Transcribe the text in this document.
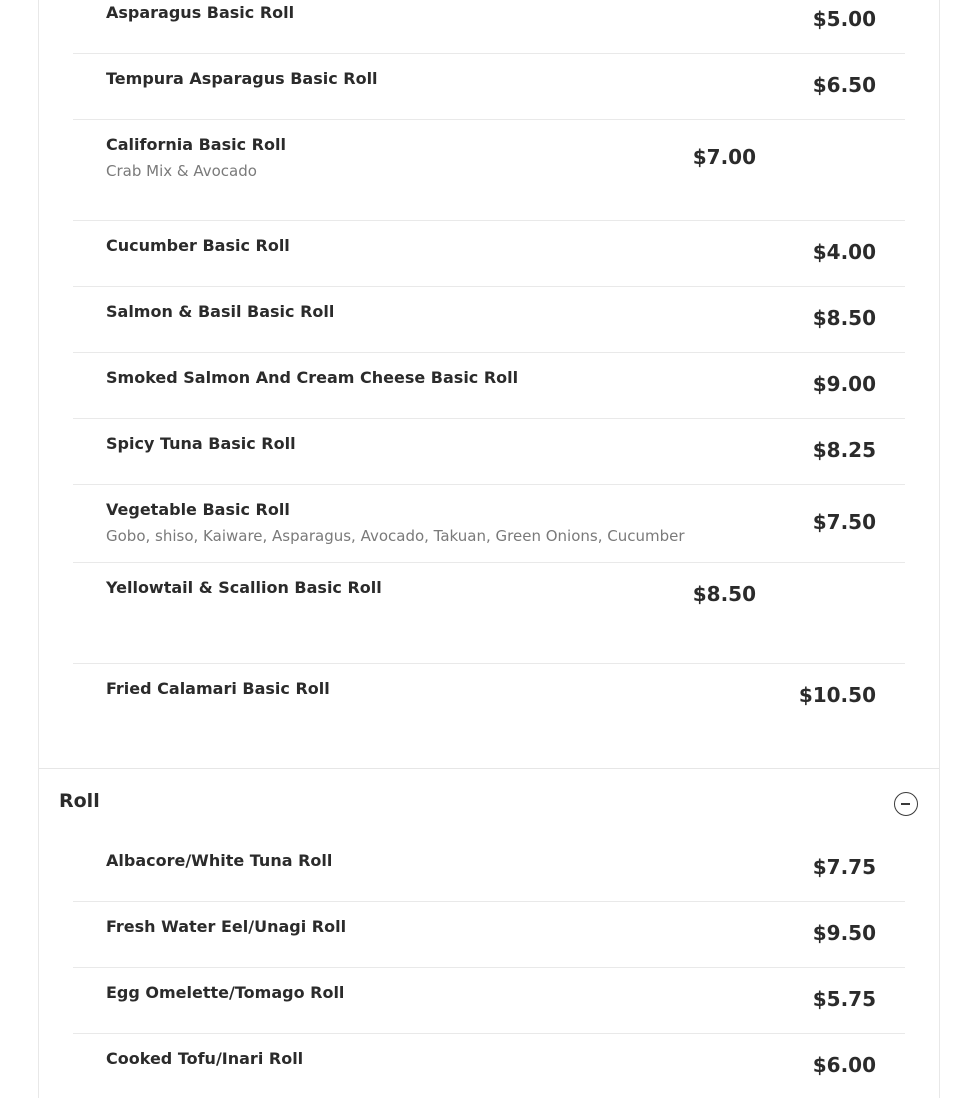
Asparagus Basic Roll	$5.00
Tempura Asparagus Basic Roll	$6.50
California Basic Roll
Crab Mix & Avocado
$7.00
Cucumber Basic Roll	$4.00
Salmon & Basil Basic Roll	$8.50
Smoked Salmon And Cream Cheese Basic Roll	$9.00
Spicy Tuna Basic Roll	$8.25
Vegetable Basic Roll
Gobo, shiso, Kaiware, Asparagus, Avocado, Takuan, Green Onions, Cucumber
$7.50
Yellowtail & Scallion Basic Roll	$8.50
Fried Calamari Basic Roll	$10.50
Roll
Albacore/White Tuna Roll	$7.75
Fresh Water Eel/Unagi Roll	$9.50
Egg Omelette/Tomago Roll	$5.75
Cooked Tofu/Inari Roll	$6.00
